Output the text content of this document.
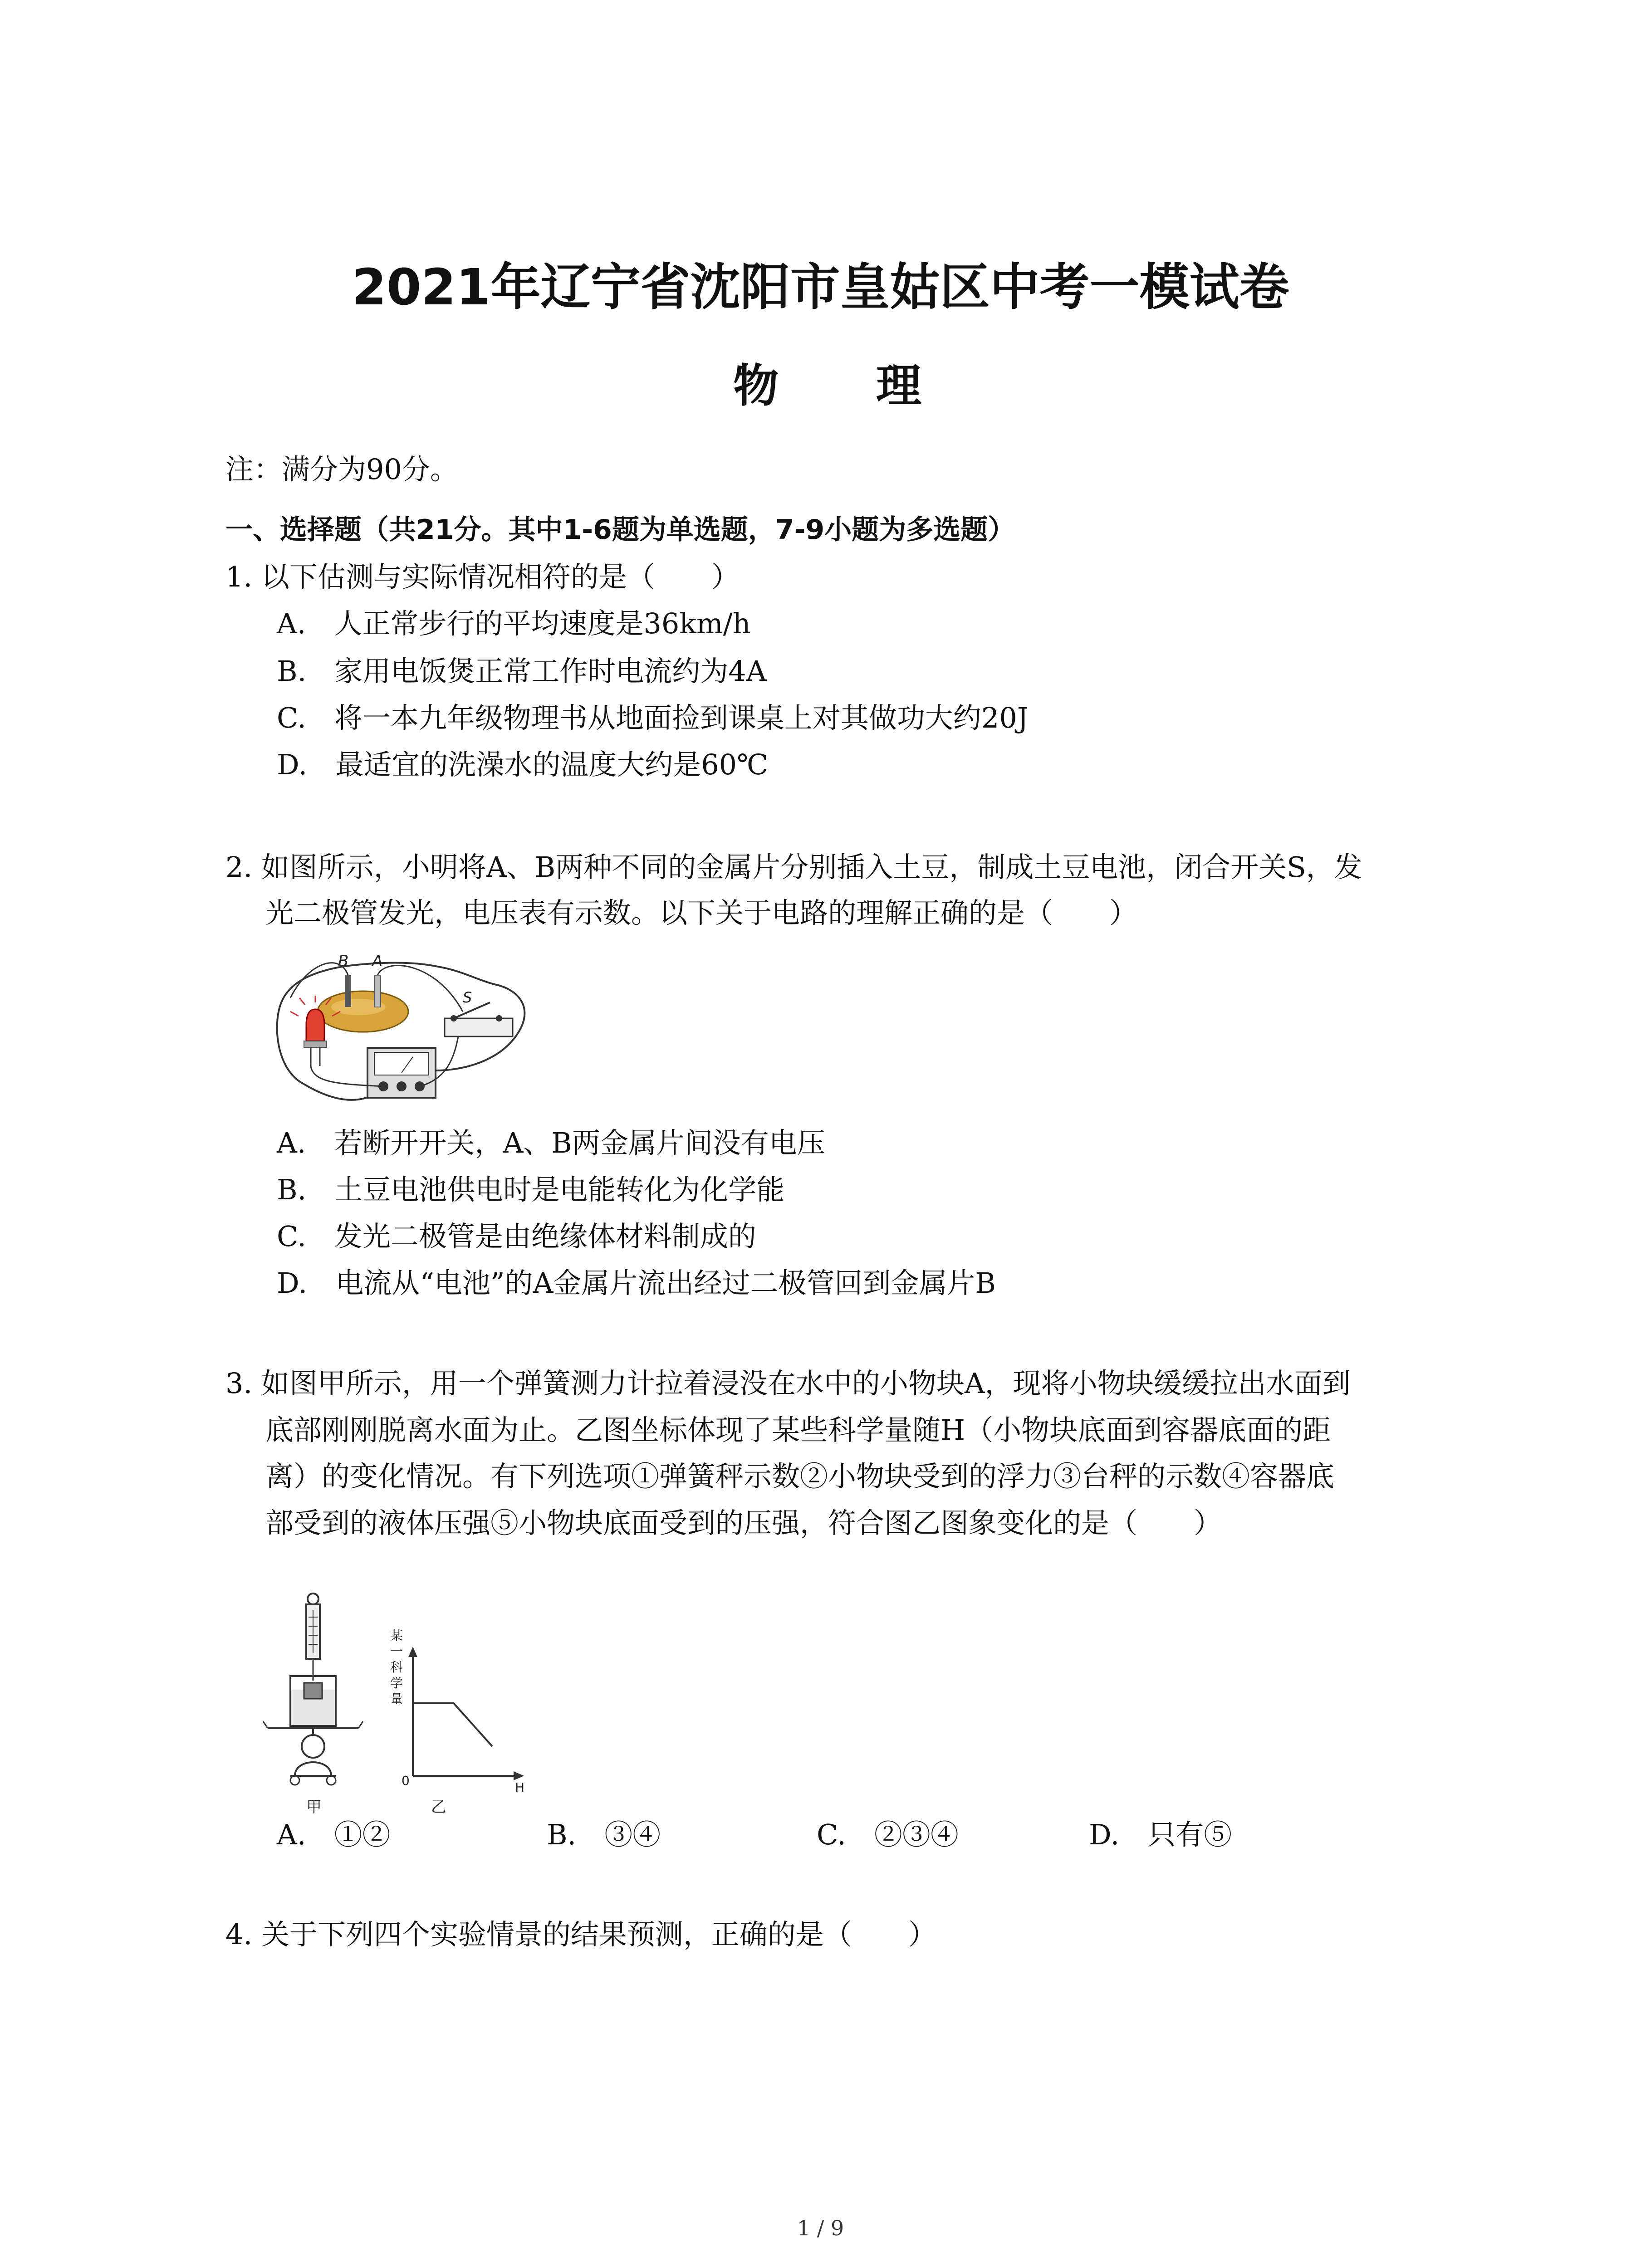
2021年辽宁省沈阳市皇姑区中考一模试卷
物 理
注：满分为90分。
一、选择题（共21分。其中1-6题为单选题，7-9小题为多选题）
1. 以下估测与实际情况相符的是（　　）
A.　人正常步行的平均速度是36km/h
B.　家用电饭煲正常工作时电流约为4A
C.　将一本九年级物理书从地面捡到课桌上对其做功大约20J
D.　最适宜的洗澡水的温度大约是60℃
2. 如图所示，小明将A、B两种不同的金属片分别插入土豆，制成土豆电池，闭合开关S，发
光二极管发光，电压表有示数。以下关于电路的理解正确的是（　　）
B A
S
A.　若断开开关，A、B两金属片间没有电压
B.　土豆电池供电时是电能转化为化学能
C.　发光二极管是由绝缘体材料制成的
D.　电流从“电池”的A金属片流出经过二极管回到金属片B
3. 如图甲所示，用一个弹簧测力计拉着浸没在水中的小物块A，现将小物块缓缓拉出水面到
底部刚刚脱离水面为止。乙图坐标体现了某些科学量随H（小物块底面到容器底面的距
离）的变化情况。有下列选项①弹簧秤示数②小物块受到的浮力③台秤的示数④容器底
部受到的液体压强⑤小物块底面受到的压强，符合图乙图象变化的是（　　）
甲
某
一
科
学
量
0	H
乙
A.　①②	B.　③④	C.　②③④	D.　只有⑤
4. 关于下列四个实验情景的结果预测，正确的是（　　）
1 / 9
